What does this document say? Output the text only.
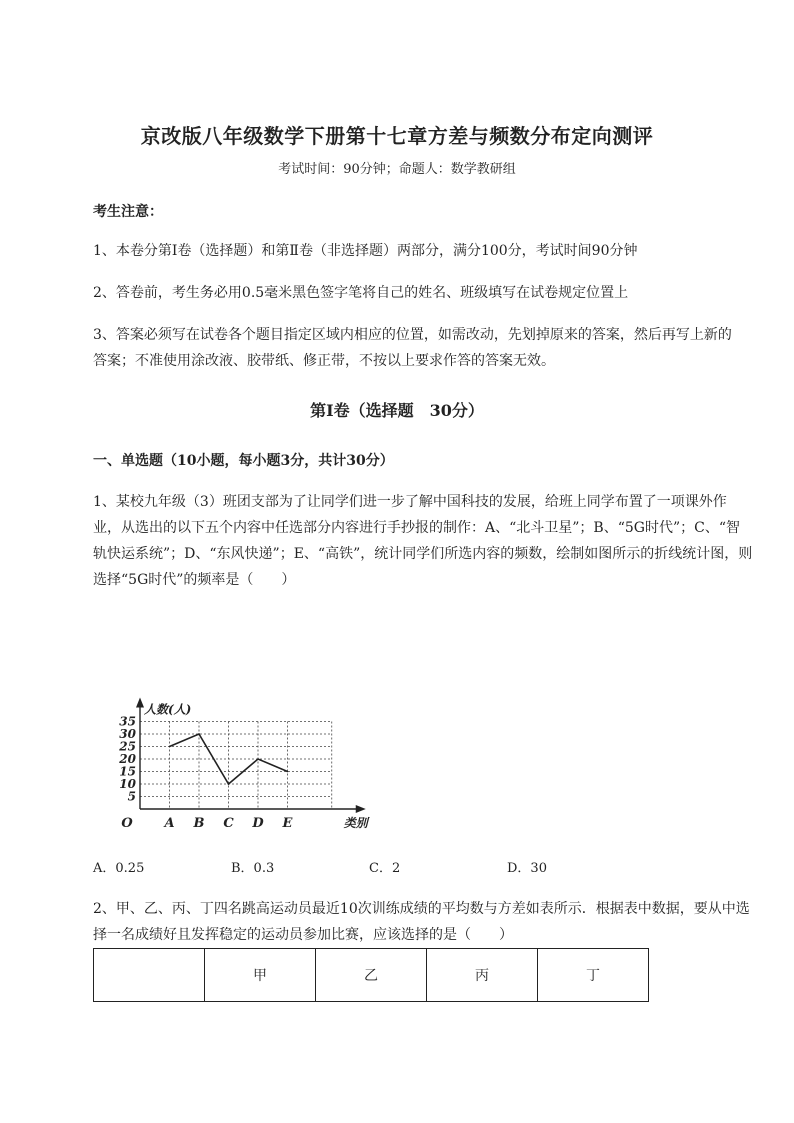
京改版八年级数学下册第十七章方差与频数分布定向测评
考试时间：90分钟；命题人：数学教研组
考生注意：
1、本卷分第I卷（选择题）和第Ⅱ卷（非选择题）两部分，满分100分，考试时间90分钟
2、答卷前，考生务必用0.5毫米黑色签字笔将自己的姓名、班级填写在试卷规定位置上
3、答案必须写在试卷各个题目指定区域内相应的位置，如需改动，先划掉原来的答案，然后再写上新的答案；不准使用涂改液、胶带纸、修正带，不按以上要求作答的答案无效。
第I卷（选择题　30分）
一、单选题（10小题，每小题3分，共计30分）
1、某校九年级（3）班团支部为了让同学们进一步了解中国科技的发展，给班上同学布置了一项课外作业，从选出的以下五个内容中任选部分内容进行手抄报的制作：A、“北斗卫星”；B、“5G时代”；C、“智轨快运系统”；D、“东风快递”；E、“高铁”，统计同学们所选内容的频数，绘制如图所示的折线统计图，则选择“5G时代”的频率是（　　）
5
10
15
20
25
30
35
A B C D E
O
人数(人)
类别
A．0.25	B．0.3	C．2	D．30
2、甲、乙、丙、丁四名跳高运动员最近10次训练成绩的平均数与方差如表所示．根据表中数据，要从中选择一名成绩好且发挥稳定的运动员参加比赛，应该选择的是（　　）
	甲	乙	丙	丁
